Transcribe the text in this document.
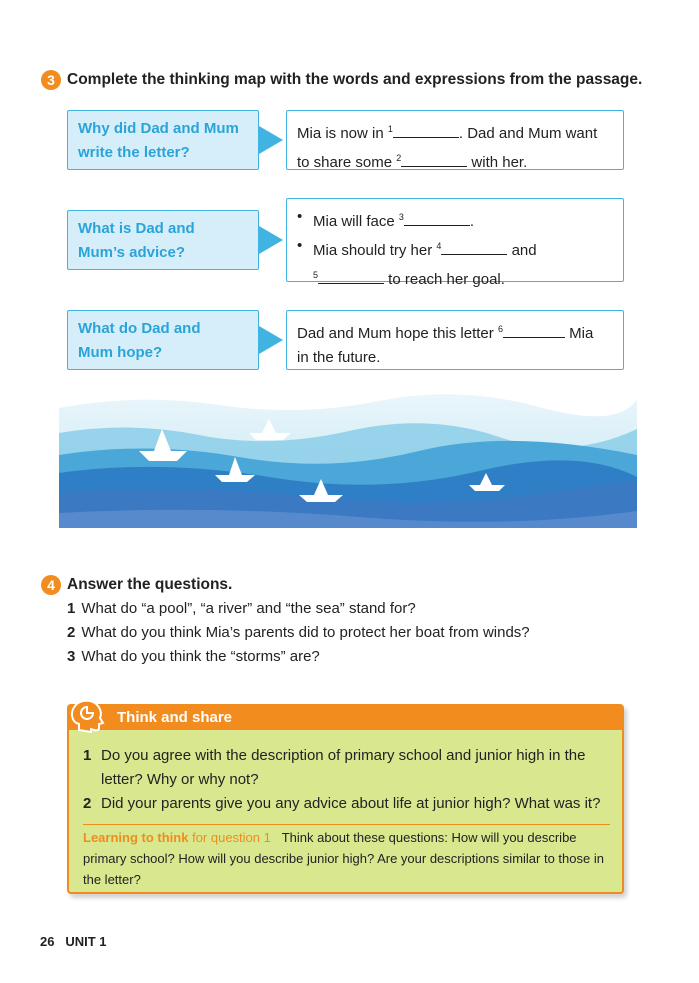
3 Complete the thinking map with the words and expressions from the passage.
Why did Dad and Mum
write the letter?
Mia is now in $^1$	. Dad and Mum want
to share some $^2$	with her.
What is Dad and
Mum’s advice?
• Mia will face $^3$	.
• Mia should try her $^4$	and
$^5$	to reach her goal.
What do Dad and
Mum hope?
Dad and Mum hope this letter $^6$	Mia
in the future.
4 Answer the questions.
1 What do “a pool”, “a river” and “the sea” stand for?
2 What do you think Mia’s parents did to protect her boat from winds?
3 What do you think the “storms” are?
Think and share
1 Do you agree with the description of primary school and junior high in the
letter? Why or why not?
2 Did your parents give you any advice about life at junior high? What was it?
Learning to think for question 1 Think about these questions: How will you describe primary school? How will you describe junior high? Are your descriptions similar to those in the letter?
26 UNIT 1
